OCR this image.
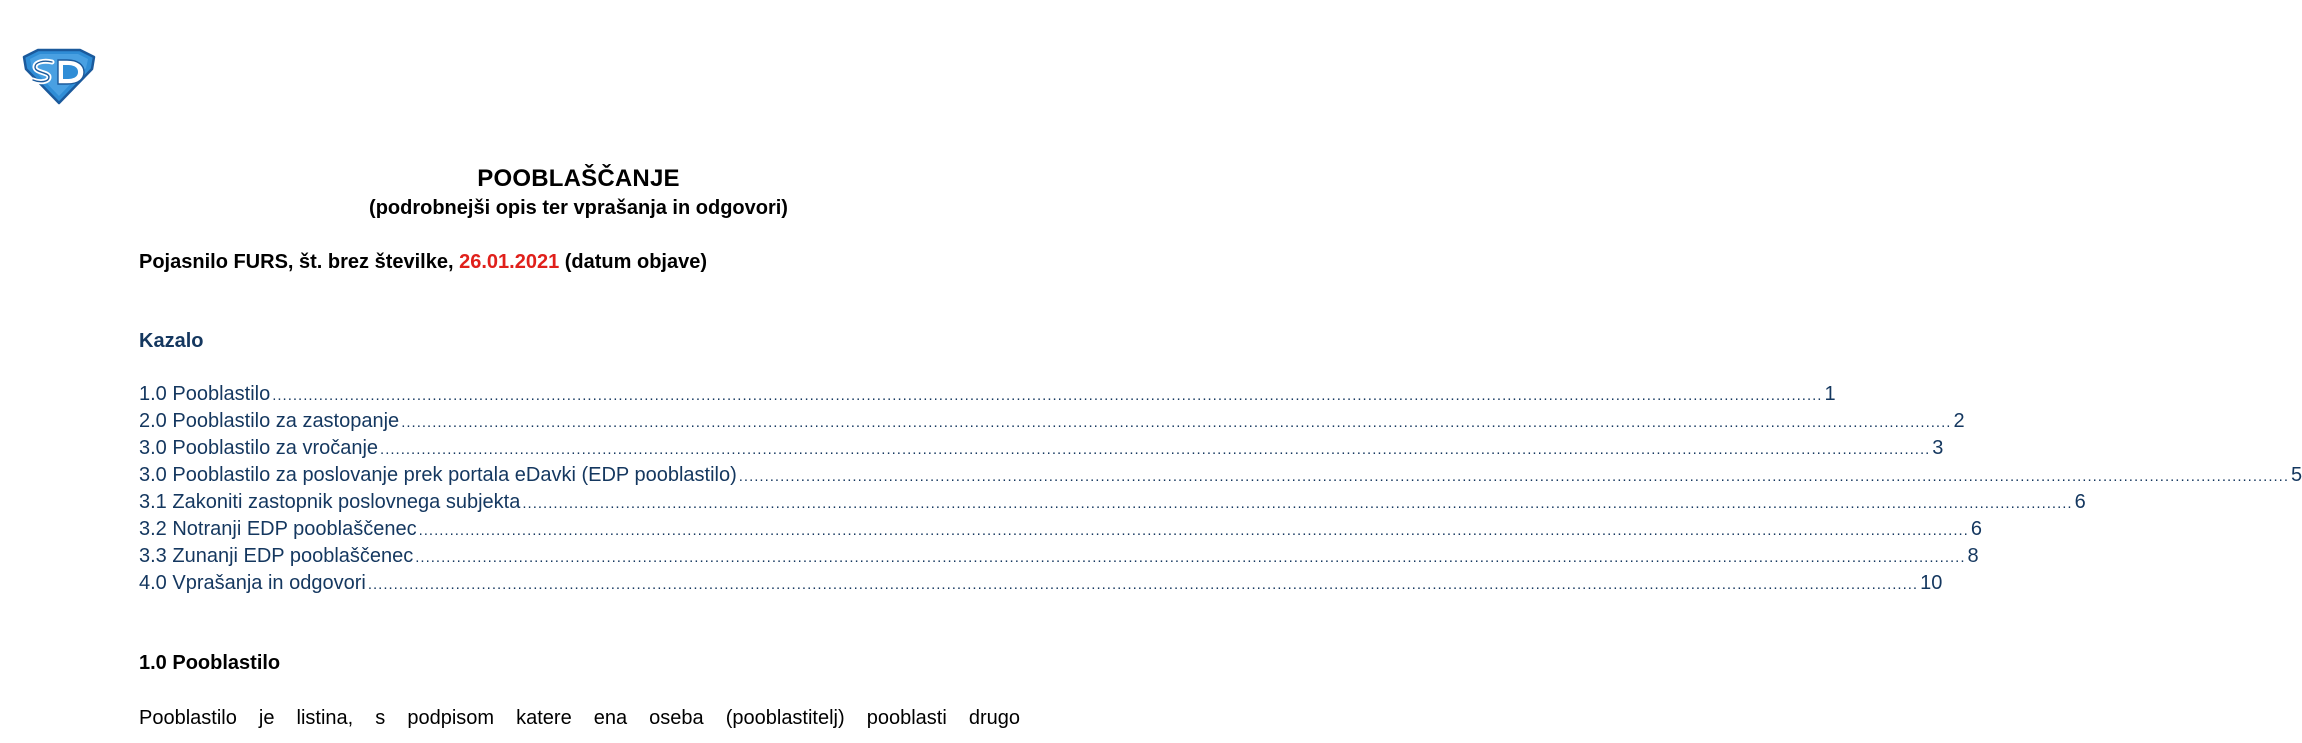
POOBLAŠČANJE
(podrobnejši opis ter vprašanja in odgovori)
Pojasnilo FURS, št. brez številke, 26.01.2021 (datum objave)
Kazalo
1.0 Pooblastilo ............................................................................................................................................................................................................................................................................................................ 1
2.0 Pooblastilo za zastopanje ............................................................................................................................................................................................................................................................................................................ 2
3.0 Pooblastilo za vročanje ............................................................................................................................................................................................................................................................................................................ 3
3.0 Pooblastilo za poslovanje prek portala eDavki (EDP pooblastilo) ............................................................................................................................................................................................................................................................................................................ 5
3.1 Zakoniti zastopnik poslovnega subjekta ............................................................................................................................................................................................................................................................................................................ 6
3.2 Notranji EDP pooblaščenec ............................................................................................................................................................................................................................................................................................................ 6
3.3 Zunanji EDP pooblaščenec ............................................................................................................................................................................................................................................................................................................ 8
4.0 Vprašanja in odgovori ............................................................................................................................................................................................................................................................................................................ 10
1.0 Pooblastilo
Pooblastilo je listina, s podpisom katere ena oseba (pooblastitelj) pooblasti drugo
